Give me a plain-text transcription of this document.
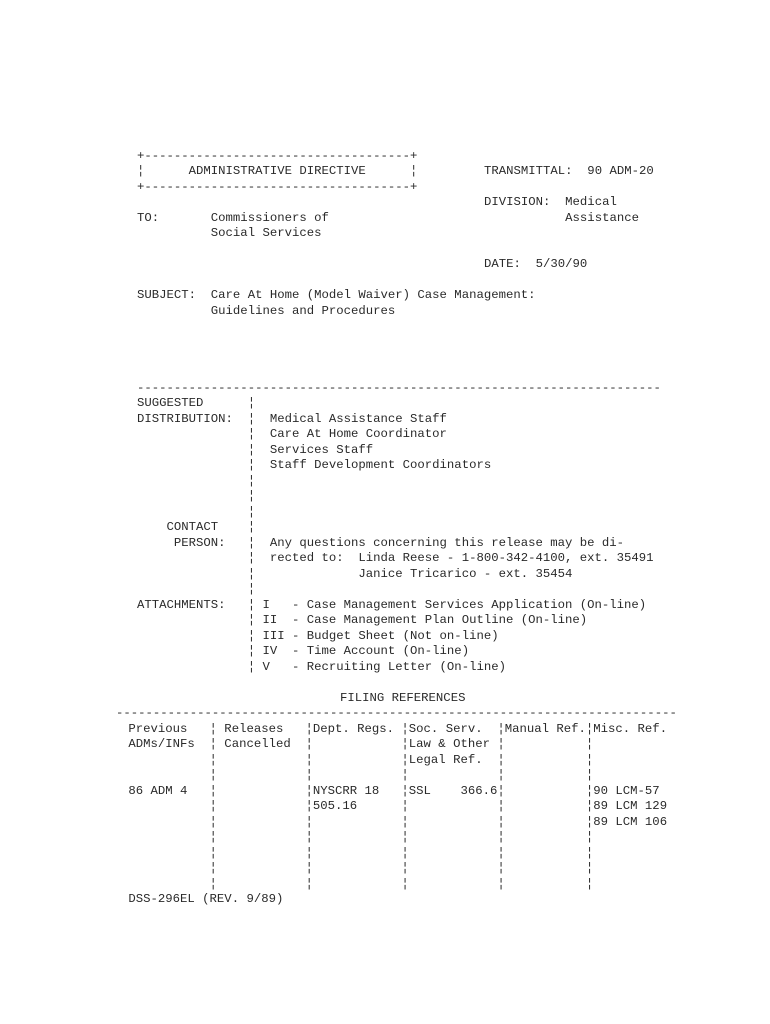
+------------------------------------+
¦      ADMINISTRATIVE DIRECTIVE      ¦
+------------------------------------+
TRANSMITTAL:  90 ADM-20
DIVISION:  Medical
Assistance
DATE:  5/30/90
TO:       Commissioners of
Social Services
SUBJECT:  Care At Home (Model Waiver) Case Management:
Guidelines and Procedures
-----------------------------------------------------------------------
SUGGESTED      ¦
DISTRIBUTION:  ¦  Medical Assistance Staff
¦  Care At Home Coordinator
¦  Services Staff
¦  Staff Development Coordinators
¦
¦
¦
CONTACT    ¦
PERSON:   ¦  Any questions concerning this release may be di-
¦  rected to:  Linda Reese - 1-800-342-4100, ext. 35491
¦              Janice Tricarico - ext. 35454
¦
ATTACHMENTS:   ¦ I   - Case Management Services Application (On-line)
¦ II  - Case Management Plan Outline (On-line)
¦ III - Budget Sheet (Not on-line)
¦ IV  - Time Account (On-line)
¦ V   - Recruiting Letter (On-line)
FILING REFERENCES
----------------------------------------------------------------------------
Previous   ¦ Releases   ¦Dept. Regs. ¦Soc. Serv.  ¦Manual Ref.¦Misc. Ref.
ADMs/INFs  ¦ Cancelled  ¦            ¦Law & Other ¦           ¦
¦            ¦            ¦Legal Ref.  ¦           ¦
¦            ¦            ¦            ¦           ¦
86 ADM 4   ¦            ¦NYSCRR 18   ¦SSL    366.6¦           ¦90 LCM-57
¦            ¦505.16      ¦            ¦           ¦89 LCM 129
¦            ¦            ¦            ¦           ¦89 LCM 106
¦            ¦            ¦            ¦           ¦
¦            ¦            ¦            ¦           ¦
¦            ¦            ¦            ¦           ¦
¦            ¦            ¦            ¦           ¦
DSS-296EL (REV. 9/89)
